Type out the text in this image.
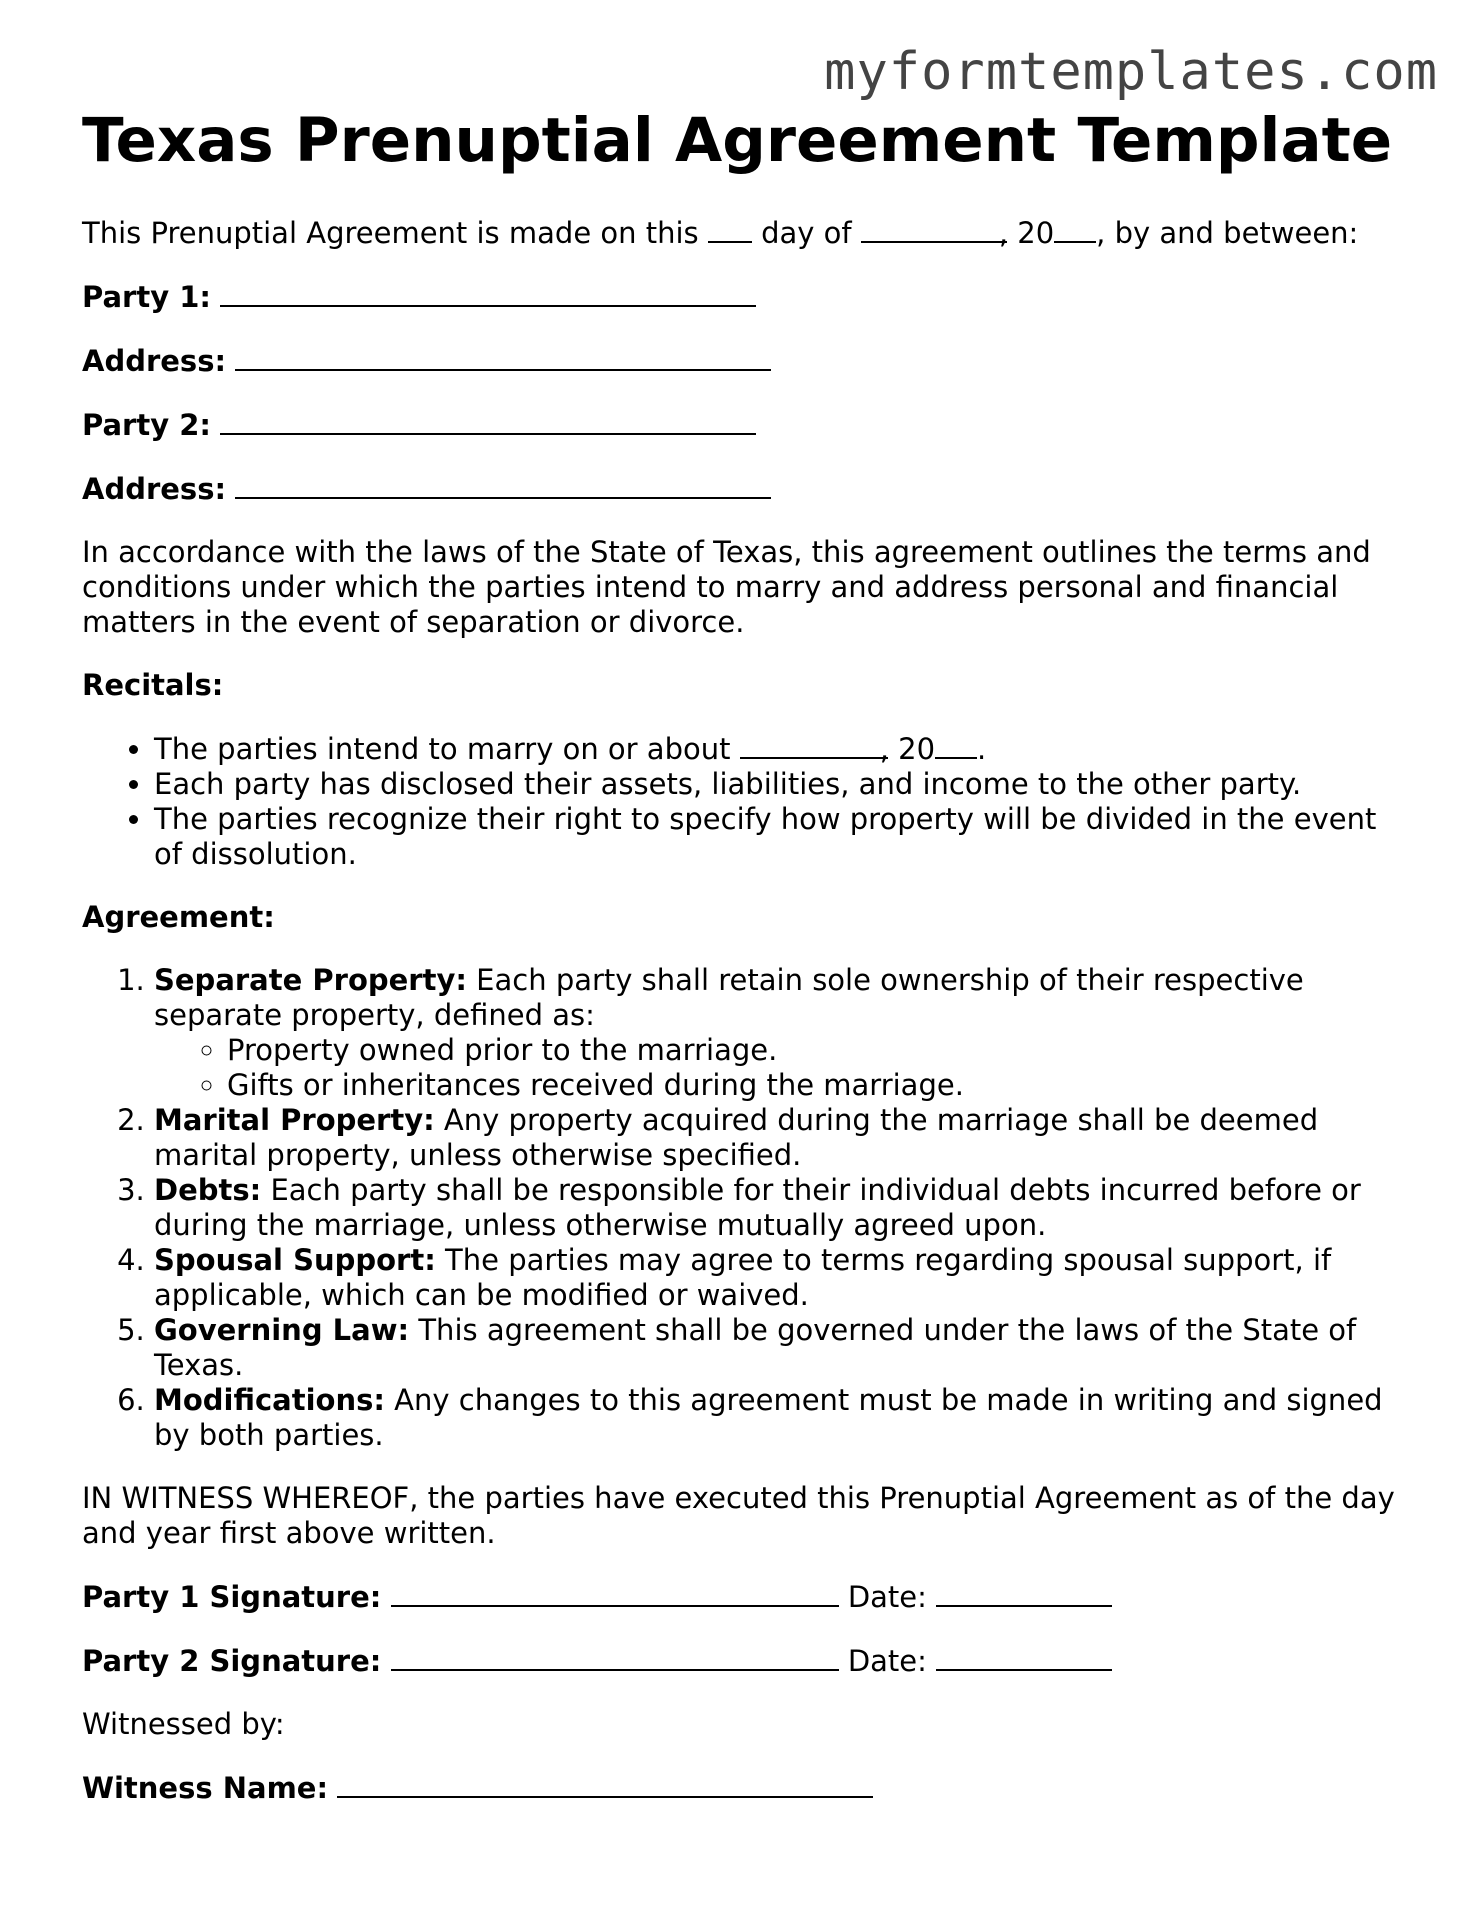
myformtemplates.com
Texas Prenuptial Agreement Template

This Prenuptial Agreement is made on this day of	, 20 , by and between:

Party 1:

Address:

Party 2:

Address:

In accordance with the laws of the State of Texas, this agreement outlines the terms and conditions under which the parties intend to marry and address personal and financial matters in the event of separation or divorce.

Recitals:

• The parties intend to marry on or about	, 20 .
• Each party has disclosed their assets, liabilities, and income to the other party.
• The parties recognize their right to specify how property will be divided in the event of dissolution.

Agreement:

1. Separate Property: Each party shall retain sole ownership of their respective separate property, defined as:
◦ Property owned prior to the marriage.
◦ Gifts or inheritances received during the marriage.
2. Marital Property: Any property acquired during the marriage shall be deemed marital property, unless otherwise specified.
3. Debts: Each party shall be responsible for their individual debts incurred before or during the marriage, unless otherwise mutually agreed upon.
4. Spousal Support: The parties may agree to terms regarding spousal support, if applicable, which can be modified or waived.
5. Governing Law: This agreement shall be governed under the laws of the State of Texas.
6. Modifications: Any changes to this agreement must be made in writing and signed by both parties.

IN WITNESS WHEREOF, the parties have executed this Prenuptial Agreement as of the day and year first above written.

Party 1 Signature:	Date:

Party 2 Signature:	Date:

Witnessed by:

Witness Name:
